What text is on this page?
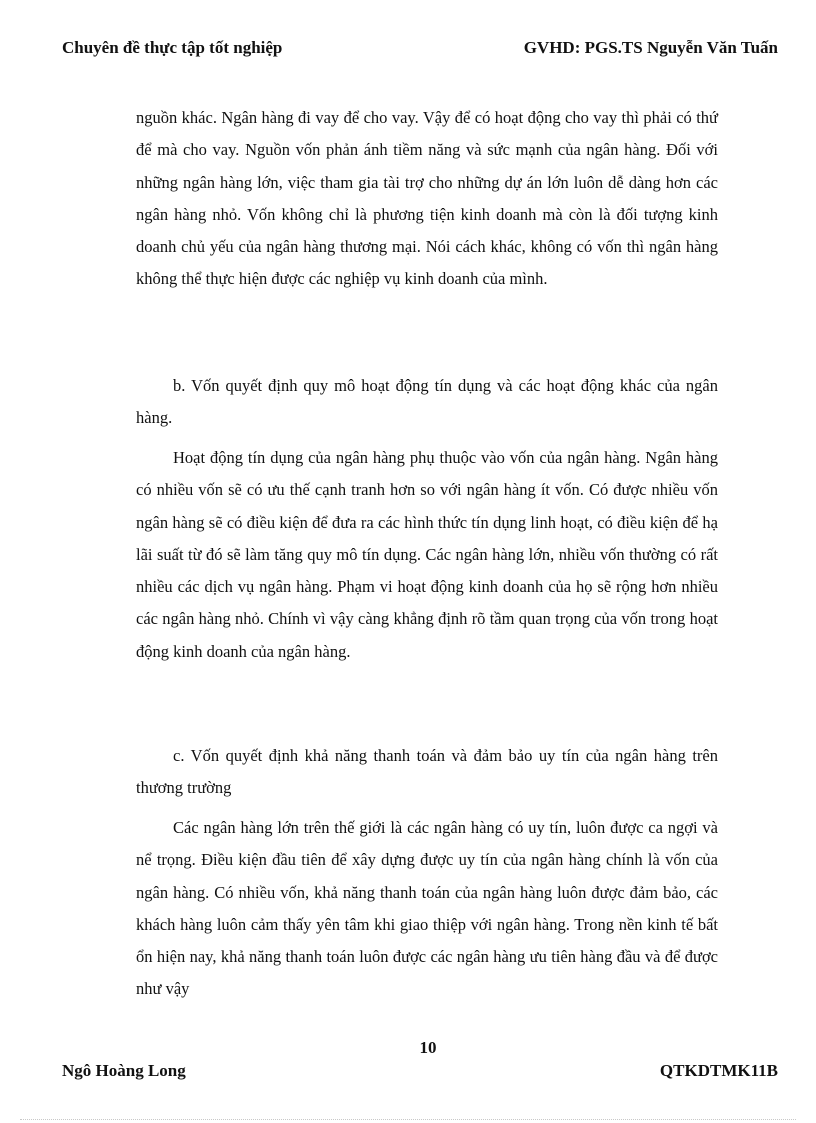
Chuyên đề thực tập tốt nghiệp	GVHD: PGS.TS Nguyễn Văn Tuấn

nguồn khác. Ngân hàng đi vay để cho vay. Vậy để có hoạt động cho vay thì phải có thứ để mà cho vay. Nguồn vốn phản ánh tiềm năng và sức mạnh của ngân hàng. Đối với những ngân hàng lớn, việc tham gia tài trợ cho những dự án lớn luôn dễ dàng hơn các ngân hàng nhỏ. Vốn không chỉ là phương tiện kinh doanh mà còn là đối tượng kinh doanh chủ yếu của ngân hàng thương mại. Nói cách khác, không có vốn thì ngân hàng không thể thực hiện được các nghiệp vụ kinh doanh của mình.

b. Vốn quyết định quy mô hoạt động tín dụng và các hoạt động khác của ngân hàng.

Hoạt động tín dụng của ngân hàng phụ thuộc vào vốn của ngân hàng. Ngân hàng có nhiều vốn sẽ có ưu thế cạnh tranh hơn so với ngân hàng ít vốn. Có được nhiều vốn ngân hàng sẽ có điều kiện để đưa ra các hình thức tín dụng linh hoạt, có điều kiện để hạ lãi suất từ đó sẽ làm tăng quy mô tín dụng. Các ngân hàng lớn, nhiều vốn thường có rất nhiều các dịch vụ ngân hàng. Phạm vi hoạt động kinh doanh của họ sẽ rộng hơn nhiều các ngân hàng nhỏ. Chính vì vậy càng khẳng định rõ tầm quan trọng của vốn trong hoạt động kinh doanh của ngân hàng.

c. Vốn quyết định khả năng thanh toán và đảm bảo uy tín của ngân hàng trên thương trường

Các ngân hàng lớn trên thế giới là các ngân hàng có uy tín, luôn được ca ngợi và nể trọng. Điều kiện đầu tiên để xây dựng được uy tín của ngân hàng chính là vốn của ngân hàng. Có nhiều vốn, khả năng thanh toán của ngân hàng luôn được đảm bảo, các khách hàng luôn cảm thấy yên tâm khi giao thiệp với ngân hàng. Trong nền kinh tế bất ổn hiện nay, khả năng thanh toán luôn được các ngân hàng ưu tiên hàng đầu và để được như vậy

10
Ngô Hoàng Long	QTKDTMK11B
